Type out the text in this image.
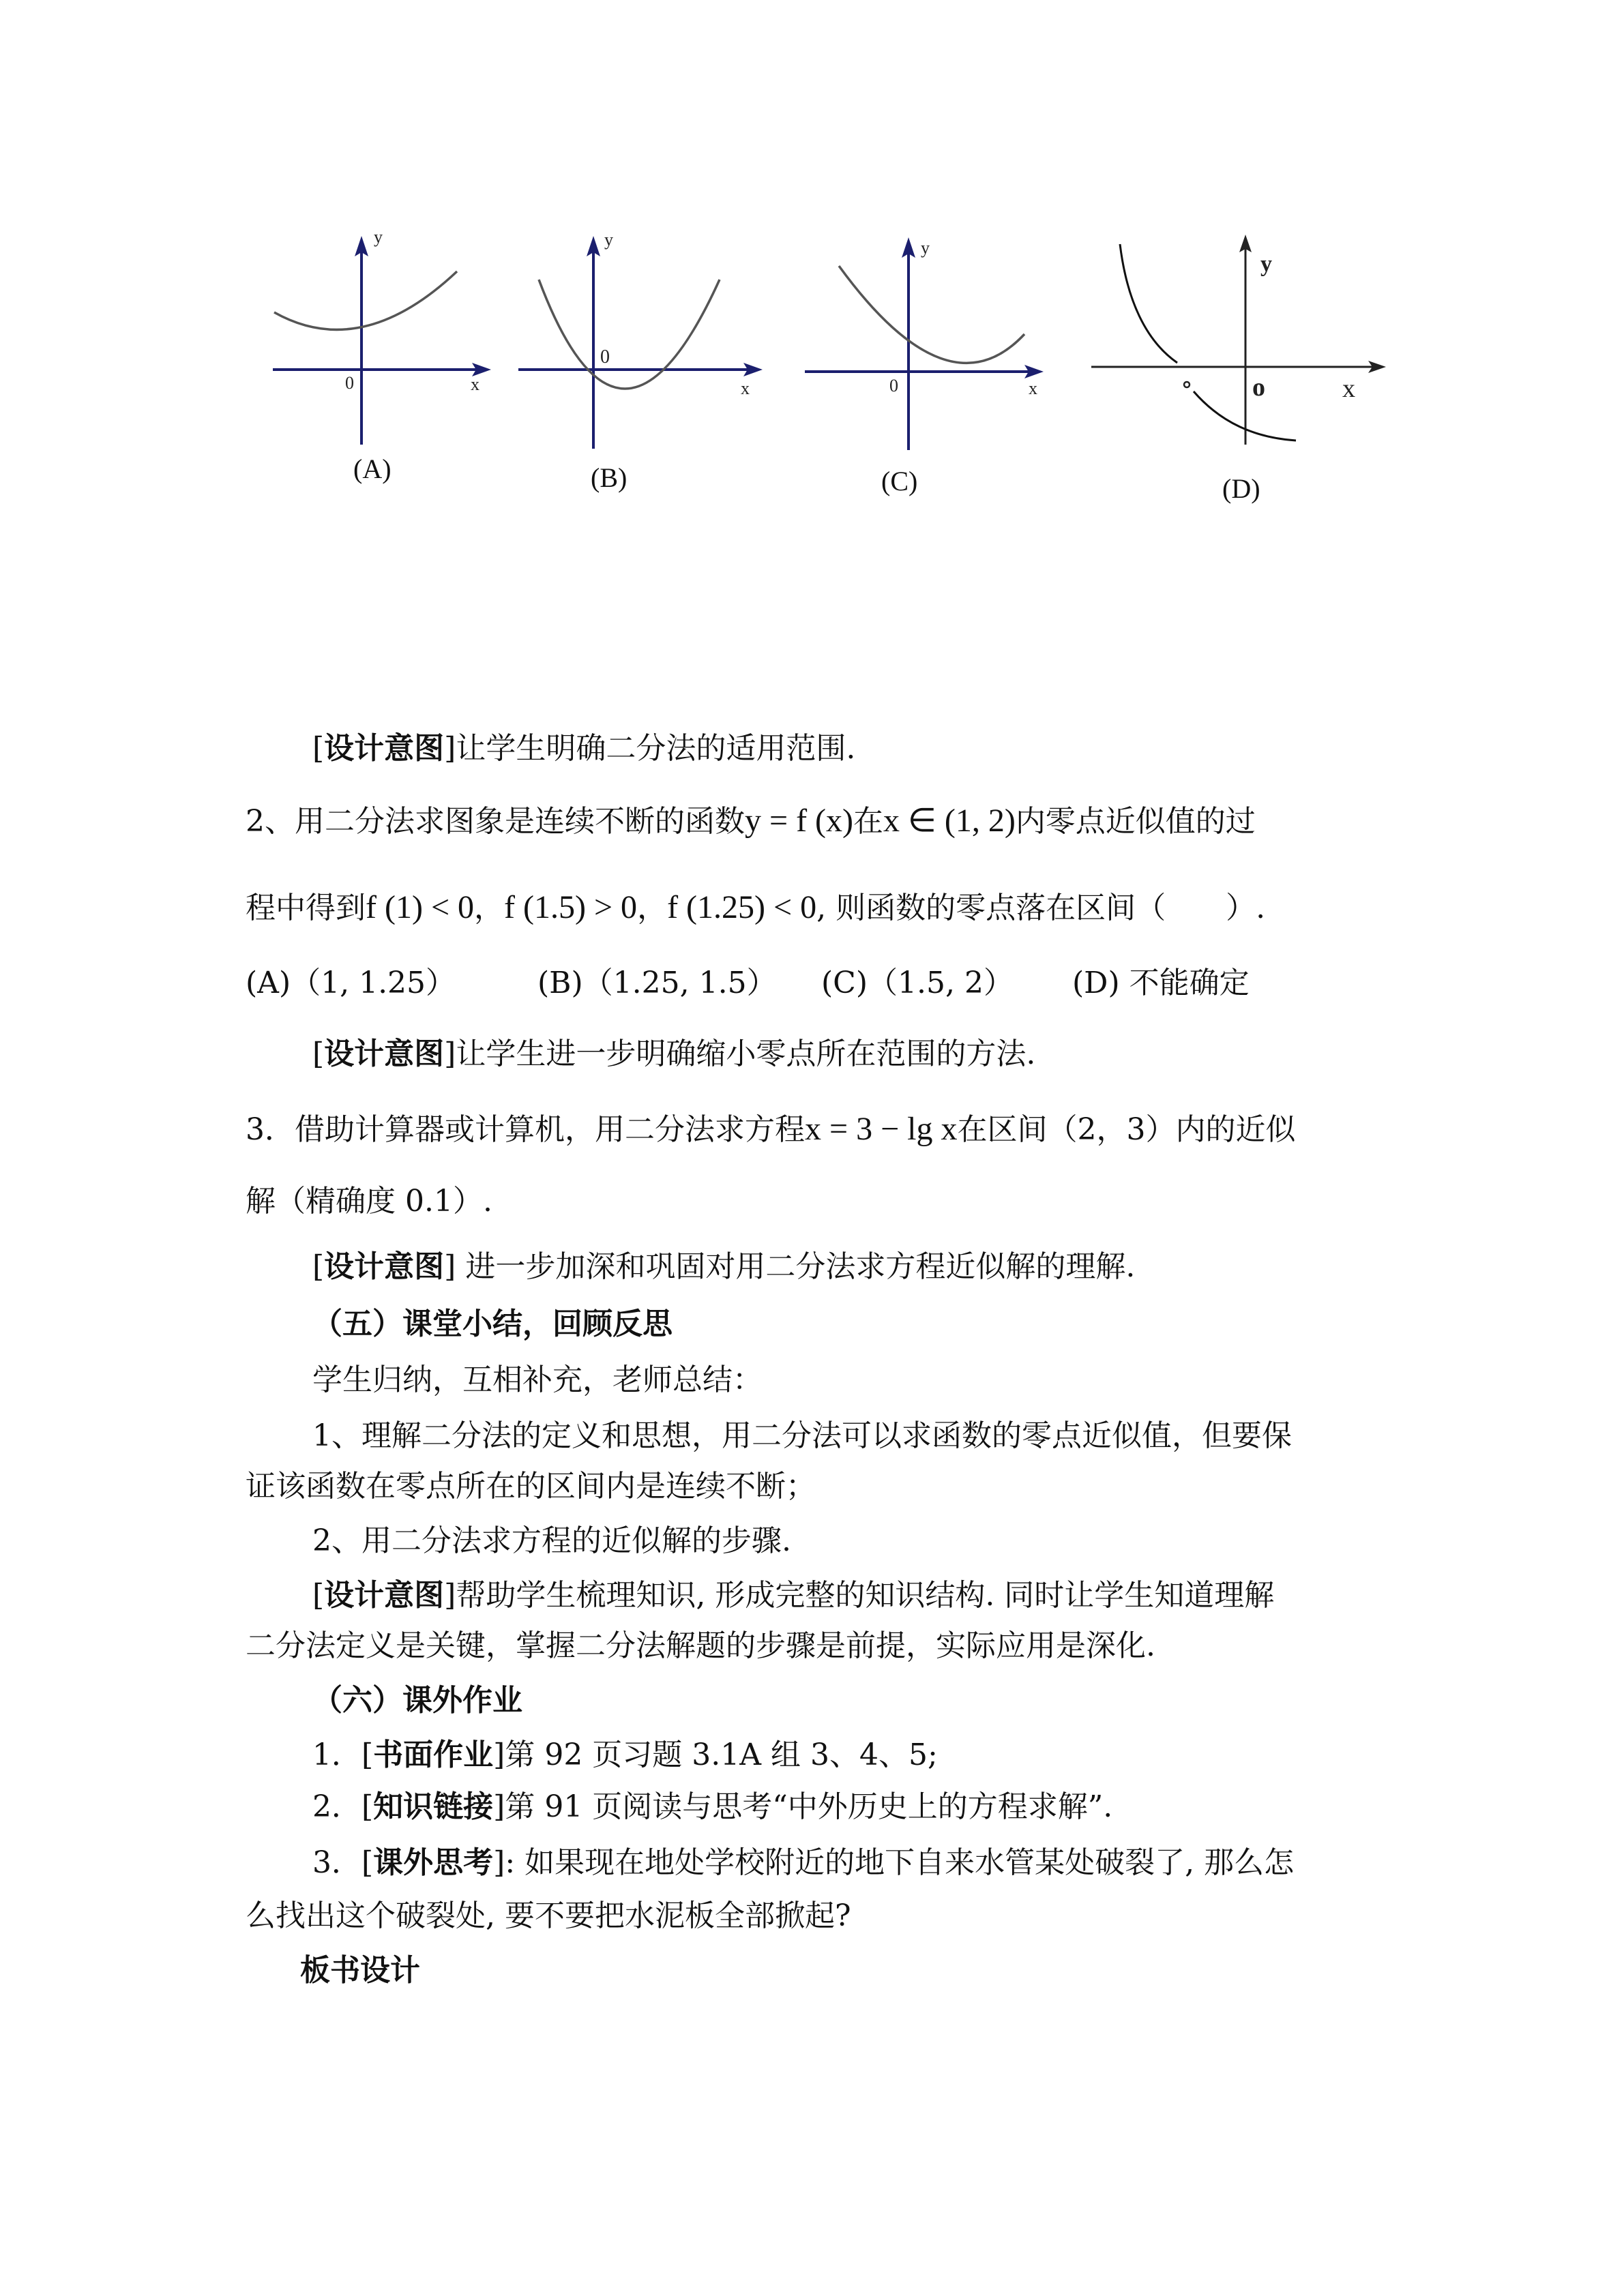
y
x
0
(A)
y
x
0
(B)
y
x
0
(C)
y
x
o
(D)
[设计意图]让学生明确二分法的适用范围.
2、用二分法求图象是连续不断的函数y = f (x)在x ∈ (1, 2)内零点近似值的过
程中得到f (1) < 0，f (1.5) > 0，f (1.25) < 0, 则函数的零点落在区间（　　）.
(A)（1, 1.25）	(B)（1.25, 1.5） (C)（1.5, 2） (D) 不能确定
[设计意图]让学生进一步明确缩小零点所在范围的方法.
3．借助计算器或计算机，用二分法求方程x = 3 − lg x在区间（2，3）内的近似
解（精确度 0.1）.
[设计意图] 进一步加深和巩固对用二分法求方程近似解的理解.
（五）课堂小结，回顾反思
学生归纳，互相补充，老师总结：
1、理解二分法的定义和思想，用二分法可以求函数的零点近似值，但要保
证该函数在零点所在的区间内是连续不断；
2、用二分法求方程的近似解的步骤.
[设计意图]帮助学生梳理知识, 形成完整的知识结构. 同时让学生知道理解
二分法定义是关键，掌握二分法解题的步骤是前提，实际应用是深化.
（六）课外作业
1．[书面作业]第 92 页习题 3.1A 组 3、4、5;
2．[知识链接]第 91 页阅读与思考“中外历史上的方程求解”.
3．[课外思考]: 如果现在地处学校附近的地下自来水管某处破裂了, 那么怎
么找出这个破裂处, 要不要把水泥板全部掀起?
板书设计
